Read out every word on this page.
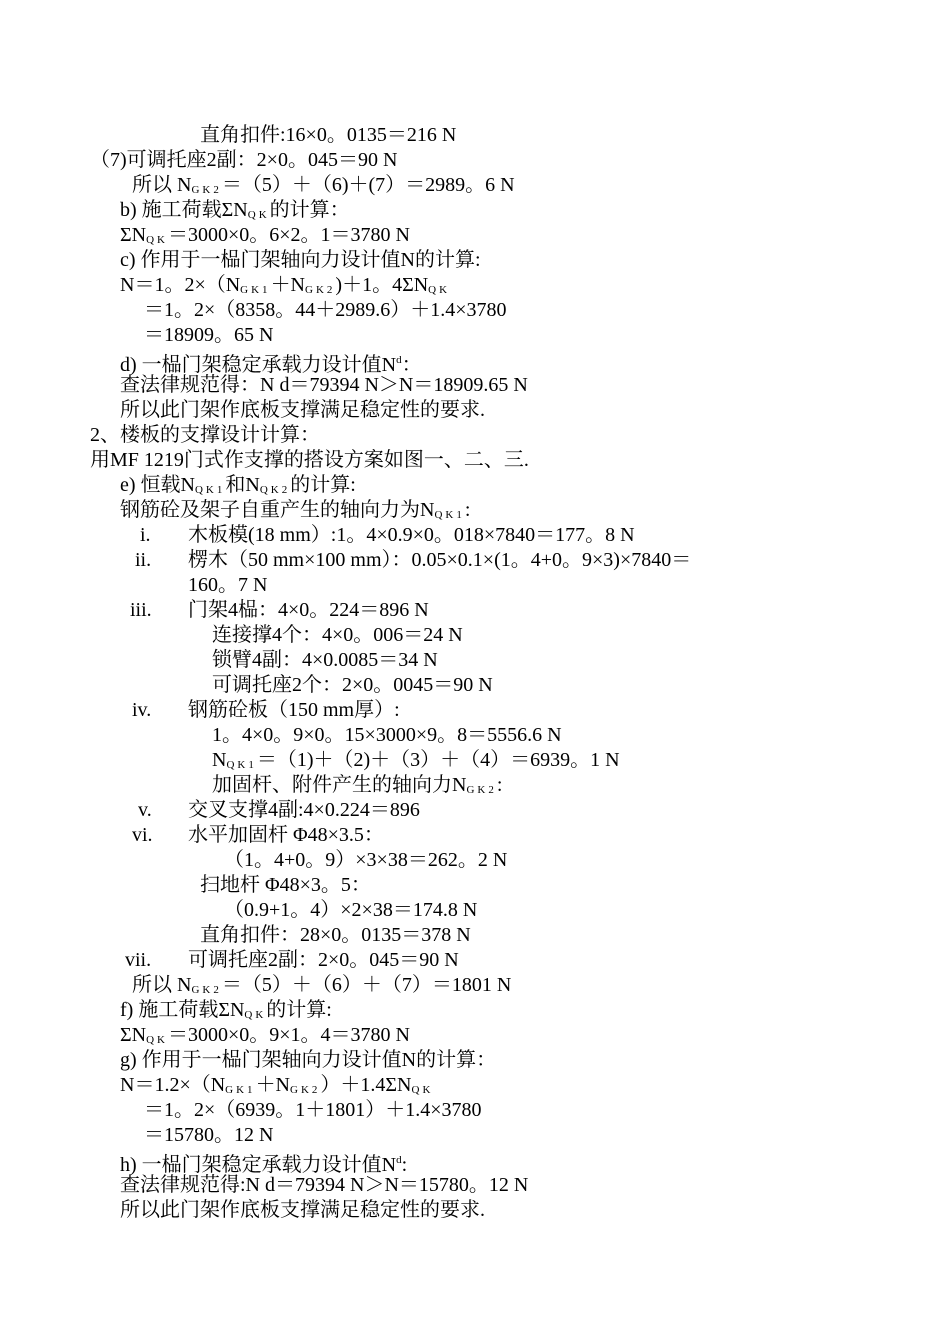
直角扣件:16×0。0135＝216 N
（7)可调托座2副：2×0。045＝90 N
所以 $N_{GK2}=(5)+(6)+(7)=2989$。6 N
b) 施工荷载$\Sigma N_{QK}$的计算：
$\Sigma N_{QK}=3000\times 0$。6×2。1＝3780 N
c) 作用于一榀门架轴向力设计值N的计算:
N＝1。$2\times(N_{GK1}+N_{GK2})+1$。$4\Sigma N_{QK}$
＝1。2×（8358。44＋2989.6）＋1.4×3780
＝18909。65 N
d) 一榀门架稳定承载力设计值$N^d$：
查法律规范得：N d＝79394 N＞N＝18909.65 N
所以此门架作底板支撑满足稳定性的要求.
2、楼板的支撑设计计算：
用MF 1219门式作支撑的搭设方案如图一、二、三.
e) 恒载$N_{QK1}$和$N_{QK2}$的计算:
钢筋砼及架子自重产生的轴向力为$N_{QK1}$:
i. 木板模(18 mm）:1。4×0.9×0。018×7840＝177。8 N
ii. 楞木（50 mm×100 mm）：0.05×0.1×(1。4+0。9×3)×7840＝
160。7 N
iii. 门架4榀：4×0。224＝896 N
连接撑4个：4×0。006＝24 N
锁臂4副：4×0.0085＝34 N
可调托座2个：2×0。0045＝90 N
iv. 钢筋砼板（150 mm厚）:
1。4×0。9×0。15×3000×9。8＝5556.6 N
$N_{QK1}=(1)+(2)+(3)+(4)=6939$。1 N
加固杆、附件产生的轴向力$N_{GK2}$:
v. 交叉支撑4副:4×0.224＝896
vi. 水平加固杆 Φ48×3.5：
（1。4+0。9）×3×38＝262。2 N
扫地杆 Φ48×3。5：
（0.9+1。4）×2×38＝174.8 N
直角扣件：28×0。0135＝378 N
vii. 可调托座2副：2×0。045＝90 N
所以 $N_{GK2}=(5)+(6)+(7)=1801$ N
f) 施工荷载$\Sigma N_{QK}$的计算:
$\Sigma N_{QK}=3000\times 0$。9×1。4＝3780 N
g) 作用于一榀门架轴向力设计值N的计算：
$N=1.2\times(N_{GK1}+N_{GK2})+1.4\Sigma N_{QK}$
＝1。2×（6939。1＋1801）＋1.4×3780
＝15780。12 N
h) 一榀门架稳定承载力设计值$N^d$:
查法律规范得:N d＝79394 N＞N＝15780。12 N
所以此门架作底板支撑满足稳定性的要求.
